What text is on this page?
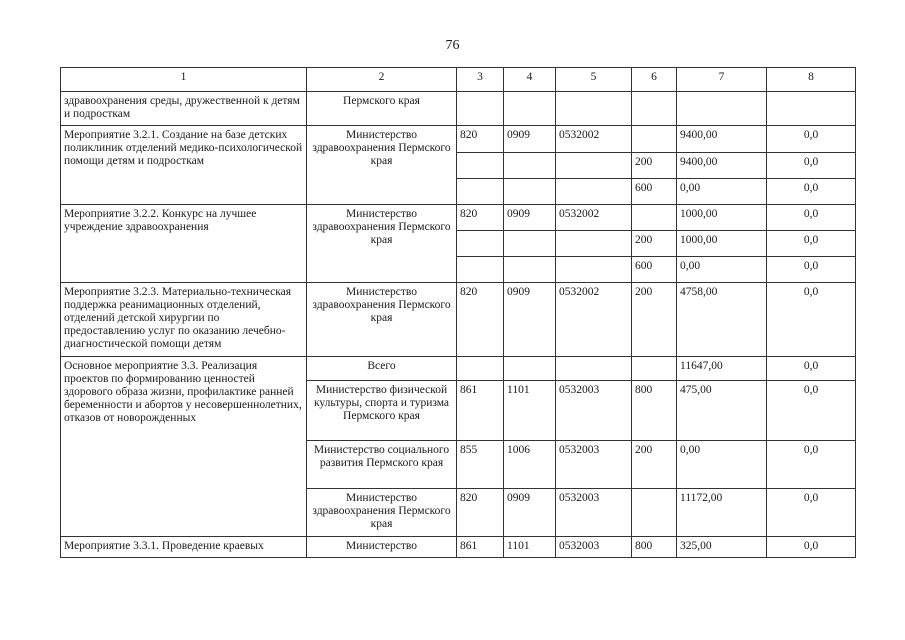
76
1	2	3	4	5	6	7	8
здравоохранения среды, дружественной к детям и подросткам	Пермского края						
Мероприятие 3.2.1. Создание на базе детских поликлиник отделений медико-психологической помощи детям и подросткам	Министерство здравоохранения Пермского края	820	0909	0532002		9400,00	0,0
					200	9400,00	0,0
					600	0,00	0,0
Мероприятие 3.2.2. Конкурс на лучшее учреждение здравоохранения	Министерство здравоохранения Пермского края	820	0909	0532002		1000,00	0,0
					200	1000,00	0,0
					600	0,00	0,0
Мероприятие 3.2.3. Материально-техническая поддержка реанимационных отделений, отделений детской хирургии по предоставлению услуг по оказанию лечебно-диагностической помощи детям	Министерство здравоохранения Пермского края	820	0909	0532002	200	4758,00	0,0
Основное мероприятие 3.3. Реализация проектов по формированию ценностей здорового образа жизни, профилактике ранней беременности и абортов у несовершеннолетних, отказов от новорожденных	Всего					11647,00	0,0
	Министерство физической культуры, спорта и туризма Пермского края	861	1101	0532003	800	475,00	0,0
	Министерство социального развития Пермского края	855	1006	0532003	200	0,00	0,0
	Министерство здравоохранения Пермского края	820	0909	0532003		11172,00	0,0
Мероприятие 3.3.1. Проведение краевых	Министерство	861	1101	0532003	800	325,00	0,0
